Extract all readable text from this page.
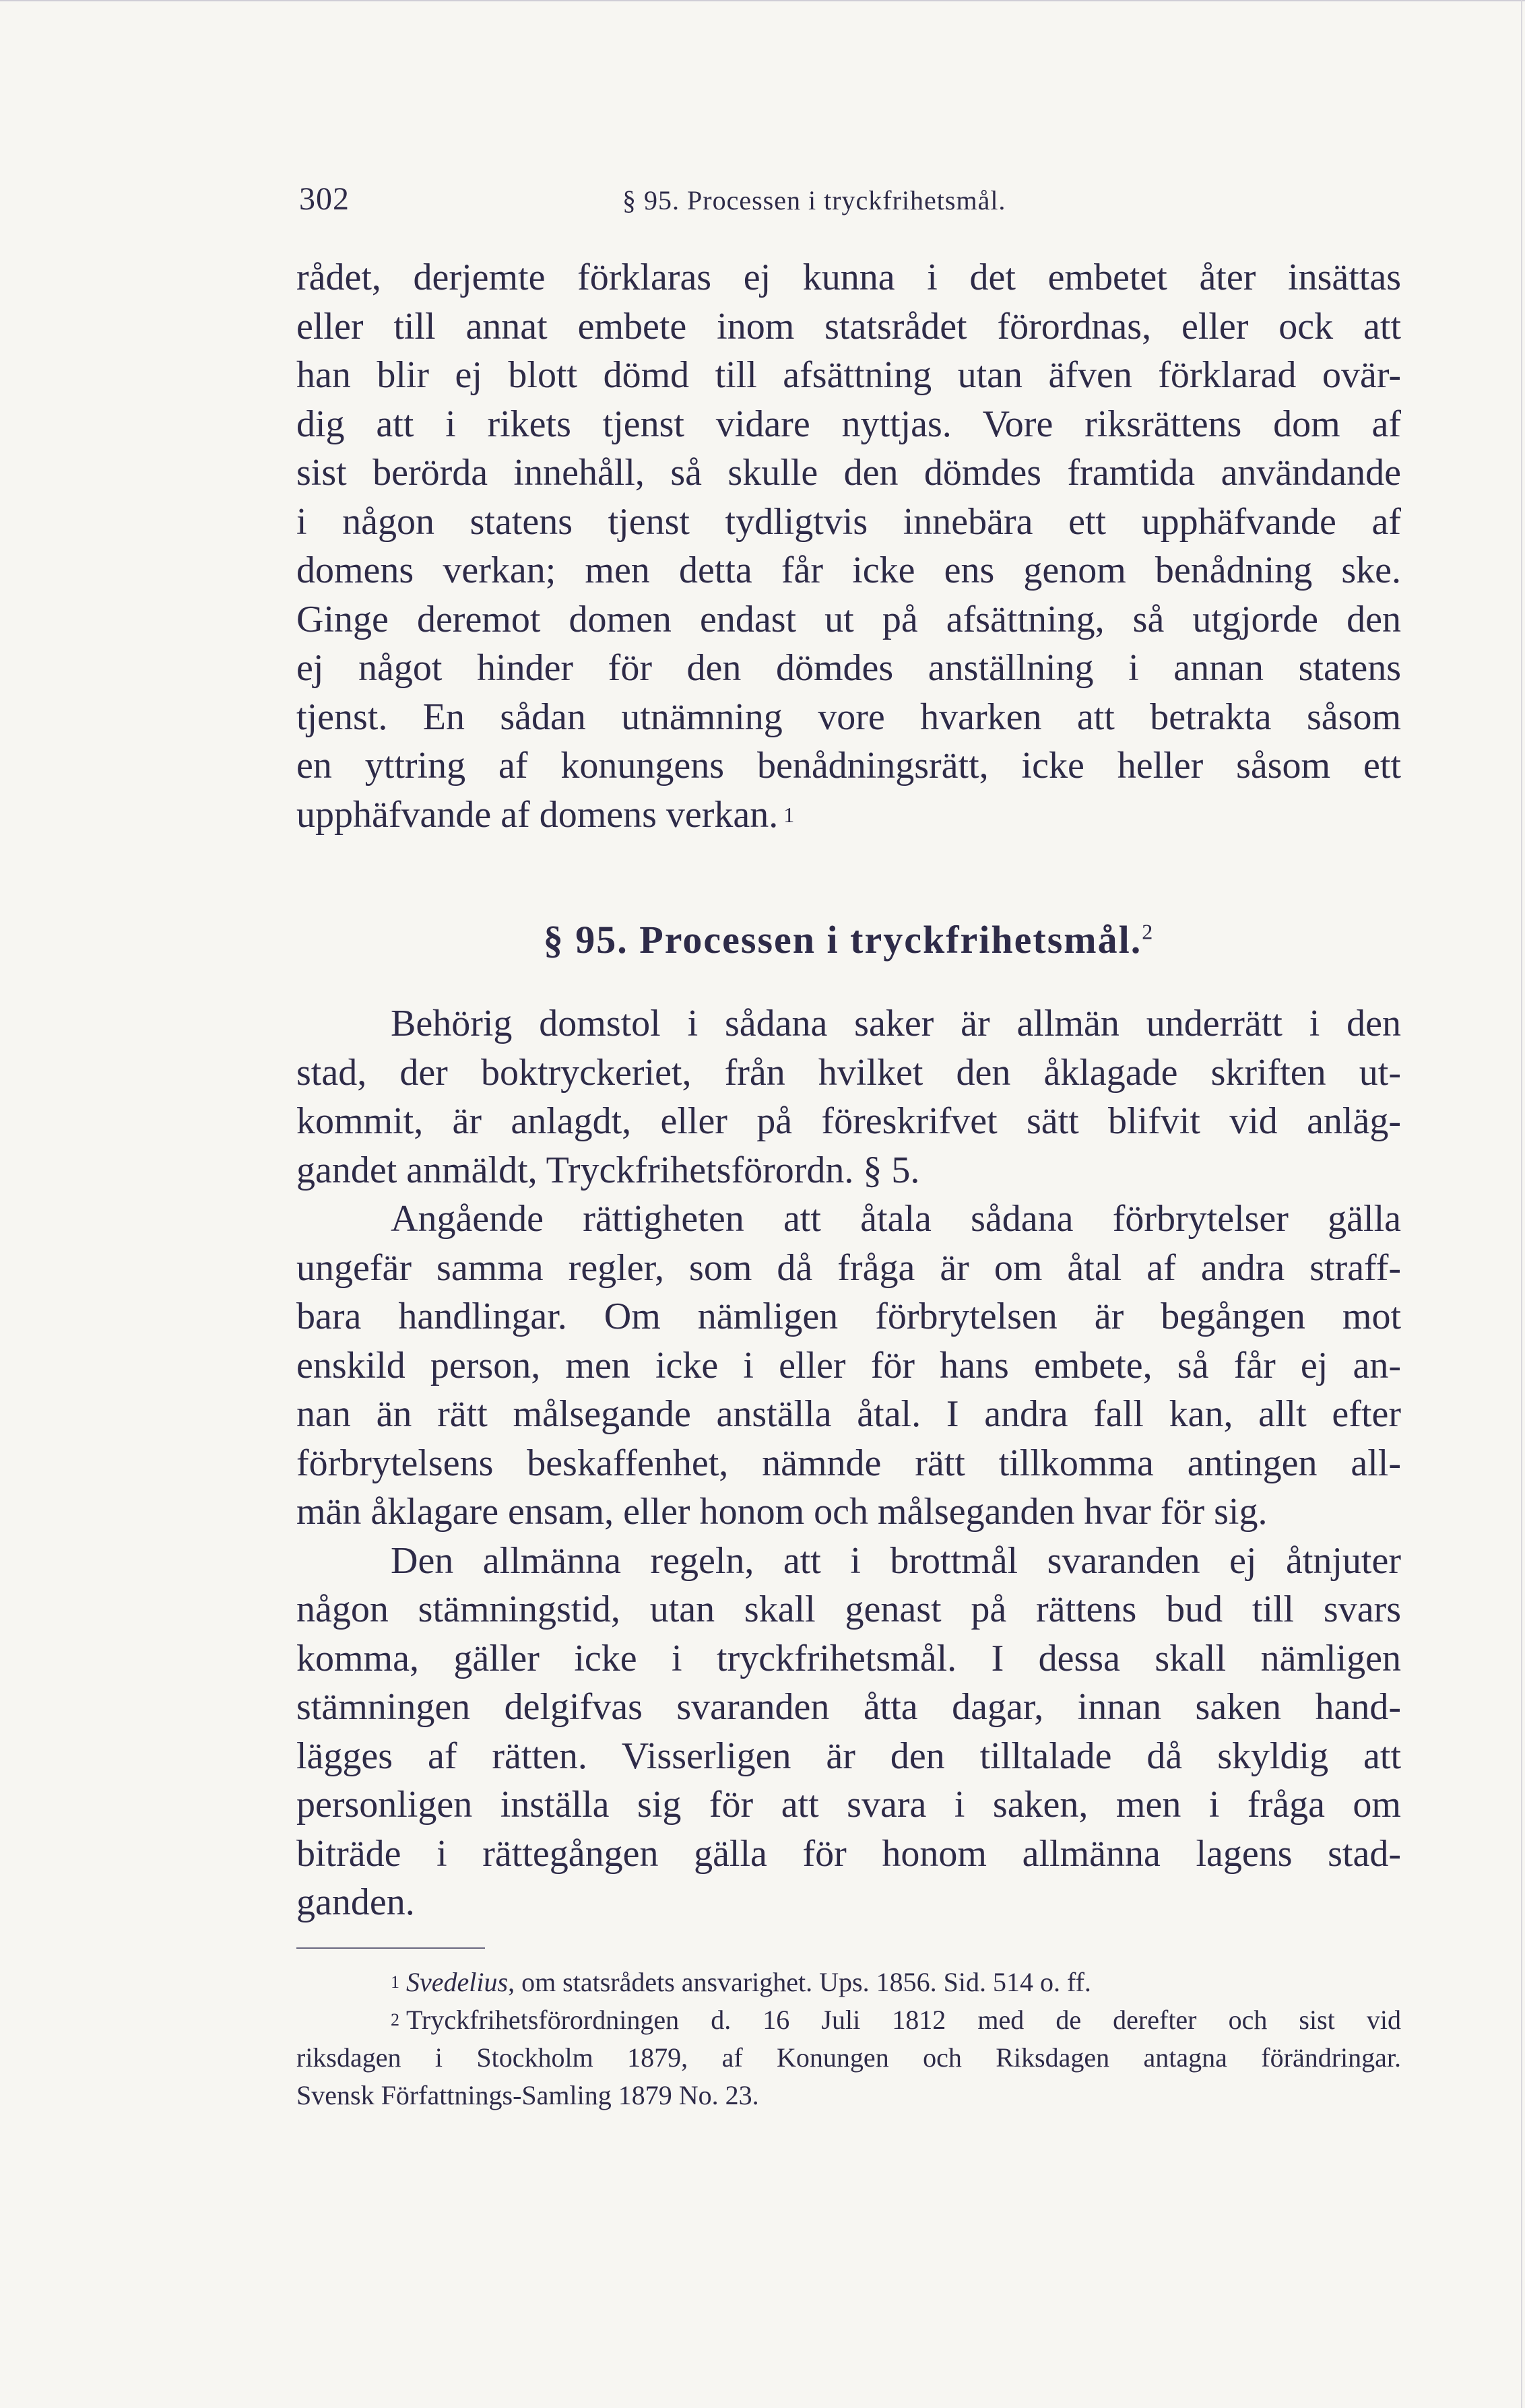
302	§ 95. Processen i tryckfrihetsmål.
rådet, derjemte förklaras ej kunna i det embetet åter insättas
eller till annat embete inom statsrådet förordnas, eller ock att
han blir ej blott dömd till afsättning utan äfven förklarad ovär-
dig att i rikets tjenst vidare nyttjas. Vore riksrättens dom af
sist berörda innehåll, så skulle den dömdes framtida användande
i någon statens tjenst tydligtvis innebära ett upphäfvande af
domens verkan; men detta får icke ens genom benådning ske.
Ginge deremot domen endast ut på afsättning, så utgjorde den
ej något hinder för den dömdes anställning i annan statens
tjenst. En sådan utnämning vore hvarken att betrakta såsom
en yttring af konungens benådningsrätt, icke heller såsom ett
upphäfvande af domens verkan. $^1$
§ 95. Processen i tryckfrihetsmål.$^2$
Behörig domstol i sådana saker är allmän underrätt i den
stad, der boktryckeriet, från hvilket den åklagade skriften ut-
kommit, är anlagdt, eller på föreskrifvet sätt blifvit vid anläg-
gandet anmäldt, Tryckfrihetsförordn. § 5.
Angående rättigheten att åtala sådana förbrytelser gälla
ungefär samma regler, som då fråga är om åtal af andra straff-
bara handlingar. Om nämligen förbrytelsen är begången mot
enskild person, men icke i eller för hans embete, så får ej an-
nan än rätt målsegande anställa åtal. I andra fall kan, allt efter
förbrytelsens beskaffenhet, nämnde rätt tillkomma antingen all-
män åklagare ensam, eller honom och målseganden hvar för sig.
Den allmänna regeln, att i brottmål svaranden ej åtnjuter
någon stämningstid, utan skall genast på rättens bud till svars
komma, gäller icke i tryckfrihetsmål. I dessa skall nämligen
stämningen delgifvas svaranden åtta dagar, innan saken hand-
lägges af rätten. Visserligen är den tilltalade då skyldig att
personligen inställa sig för att svara i saken, men i fråga om
biträde i rättegången gälla för honom allmänna lagens stad-
ganden.
$^1$ Svedelius, om statsrådets ansvarighet. Ups. 1856. Sid. 514 o. ff.
$^2$ Tryckfrihetsförordningen d. 16 Juli 1812 med de derefter och sist vid
riksdagen i Stockholm 1879, af Konungen och Riksdagen antagna förändringar.
Svensk Författnings-Samling 1879 No. 23.
